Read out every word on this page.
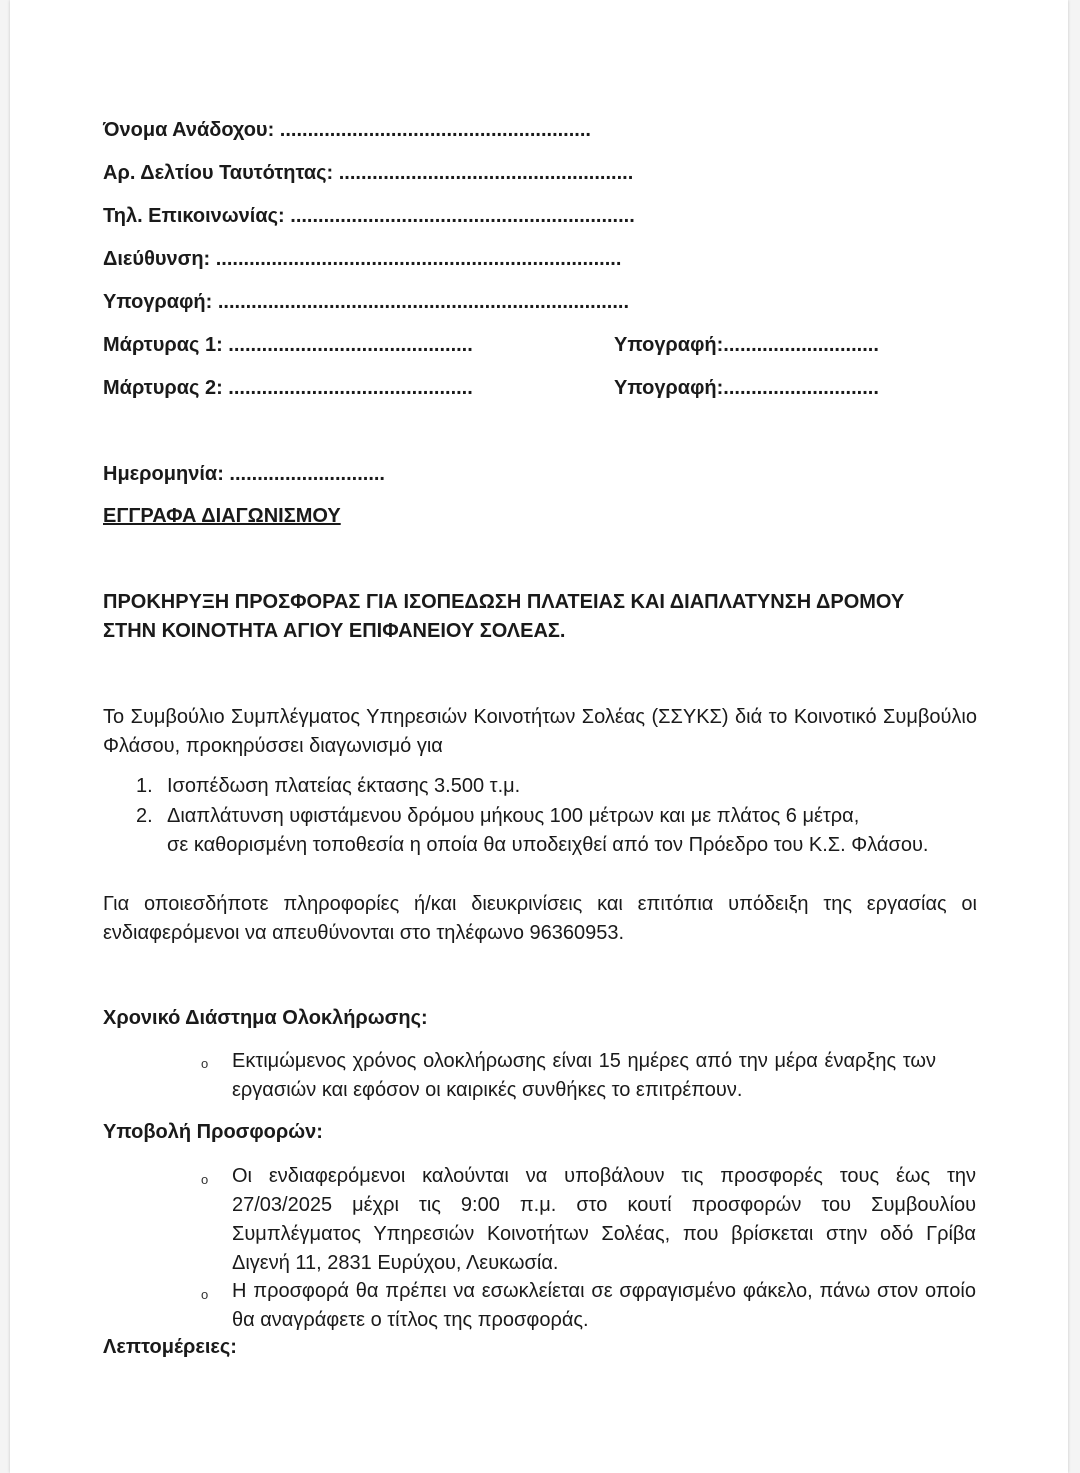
Όνομα Ανάδοχου: ........................................................
Αρ. Δελτίου Ταυτότητας: .....................................................
Τηλ. Επικοινωνίας: ..............................................................
Διεύθυνση: .........................................................................
Υπογραφή: ..........................................................................
Μάρτυρας 1: ............................................	Υπογραφή:............................
Μάρτυρας 2: ............................................	Υπογραφή:............................
Ημερομηνία: ............................
ΕΓΓΡΑΦΑ ΔΙΑΓΩΝΙΣΜΟΥ
ΠΡΟΚΗΡΥΞΗ ΠΡΟΣΦΟΡΑΣ ΓΙΑ ΙΣΟΠΕΔΩΣΗ ΠΛΑΤΕΙΑΣ ΚΑΙ ΔΙΑΠΛΑΤΥΝΣΗ ΔΡΟΜΟΥ
ΣΤΗΝ ΚΟΙΝΟΤΗΤΑ ΑΓΙΟΥ ΕΠΙΦΑΝΕΙΟΥ ΣΟΛΕΑΣ.
Το Συμβούλιο Συμπλέγματος Υπηρεσιών Κοινοτήτων Σολέας (ΣΣΥΚΣ) διά το Κοινοτικό Συμβούλιο Φλάσου, προκηρύσσει διαγωνισμό για
1. Ισοπέδωση πλατείας έκτασης 3.500 τ.μ.
2. Διαπλάτυνση υφιστάμενου δρόμου μήκους 100 μέτρων και με πλάτος 6 μέτρα,
σε καθορισμένη τοποθεσία η οποία θα υποδειχθεί από τον Πρόεδρο του Κ.Σ. Φλάσου.
Για οποιεσδήποτε πληροφορίες ή/και διευκρινίσεις και επιτόπια υπόδειξη της εργασίας οι ενδιαφερόμενοι να απευθύνονται στο τηλέφωνο 96360953.
Χρονικό Διάστημα Ολοκλήρωσης:
o Εκτιμώμενος χρόνος ολοκλήρωσης είναι 15 ημέρες από την μέρα έναρξης των εργασιών και εφόσον οι καιρικές συνθήκες το επιτρέπουν.
Υποβολή Προσφορών:
o Οι ενδιαφερόμενοι καλούνται να υποβάλουν τις προσφορές τους έως την 27/03/2025 μέχρι τις 9:00 π.μ. στο κουτί προσφορών του Συμβουλίου Συμπλέγματος Υπηρεσιών Κοινοτήτων Σολέας, που βρίσκεται στην οδό Γρίβα Διγενή 11, 2831 Ευρύχου, Λευκωσία.
o Η προσφορά θα πρέπει να εσωκλείεται σε σφραγισμένο φάκελο, πάνω στον οποίο θα αναγράφετε ο τίτλος της προσφοράς.
Λεπτομέρειες:
